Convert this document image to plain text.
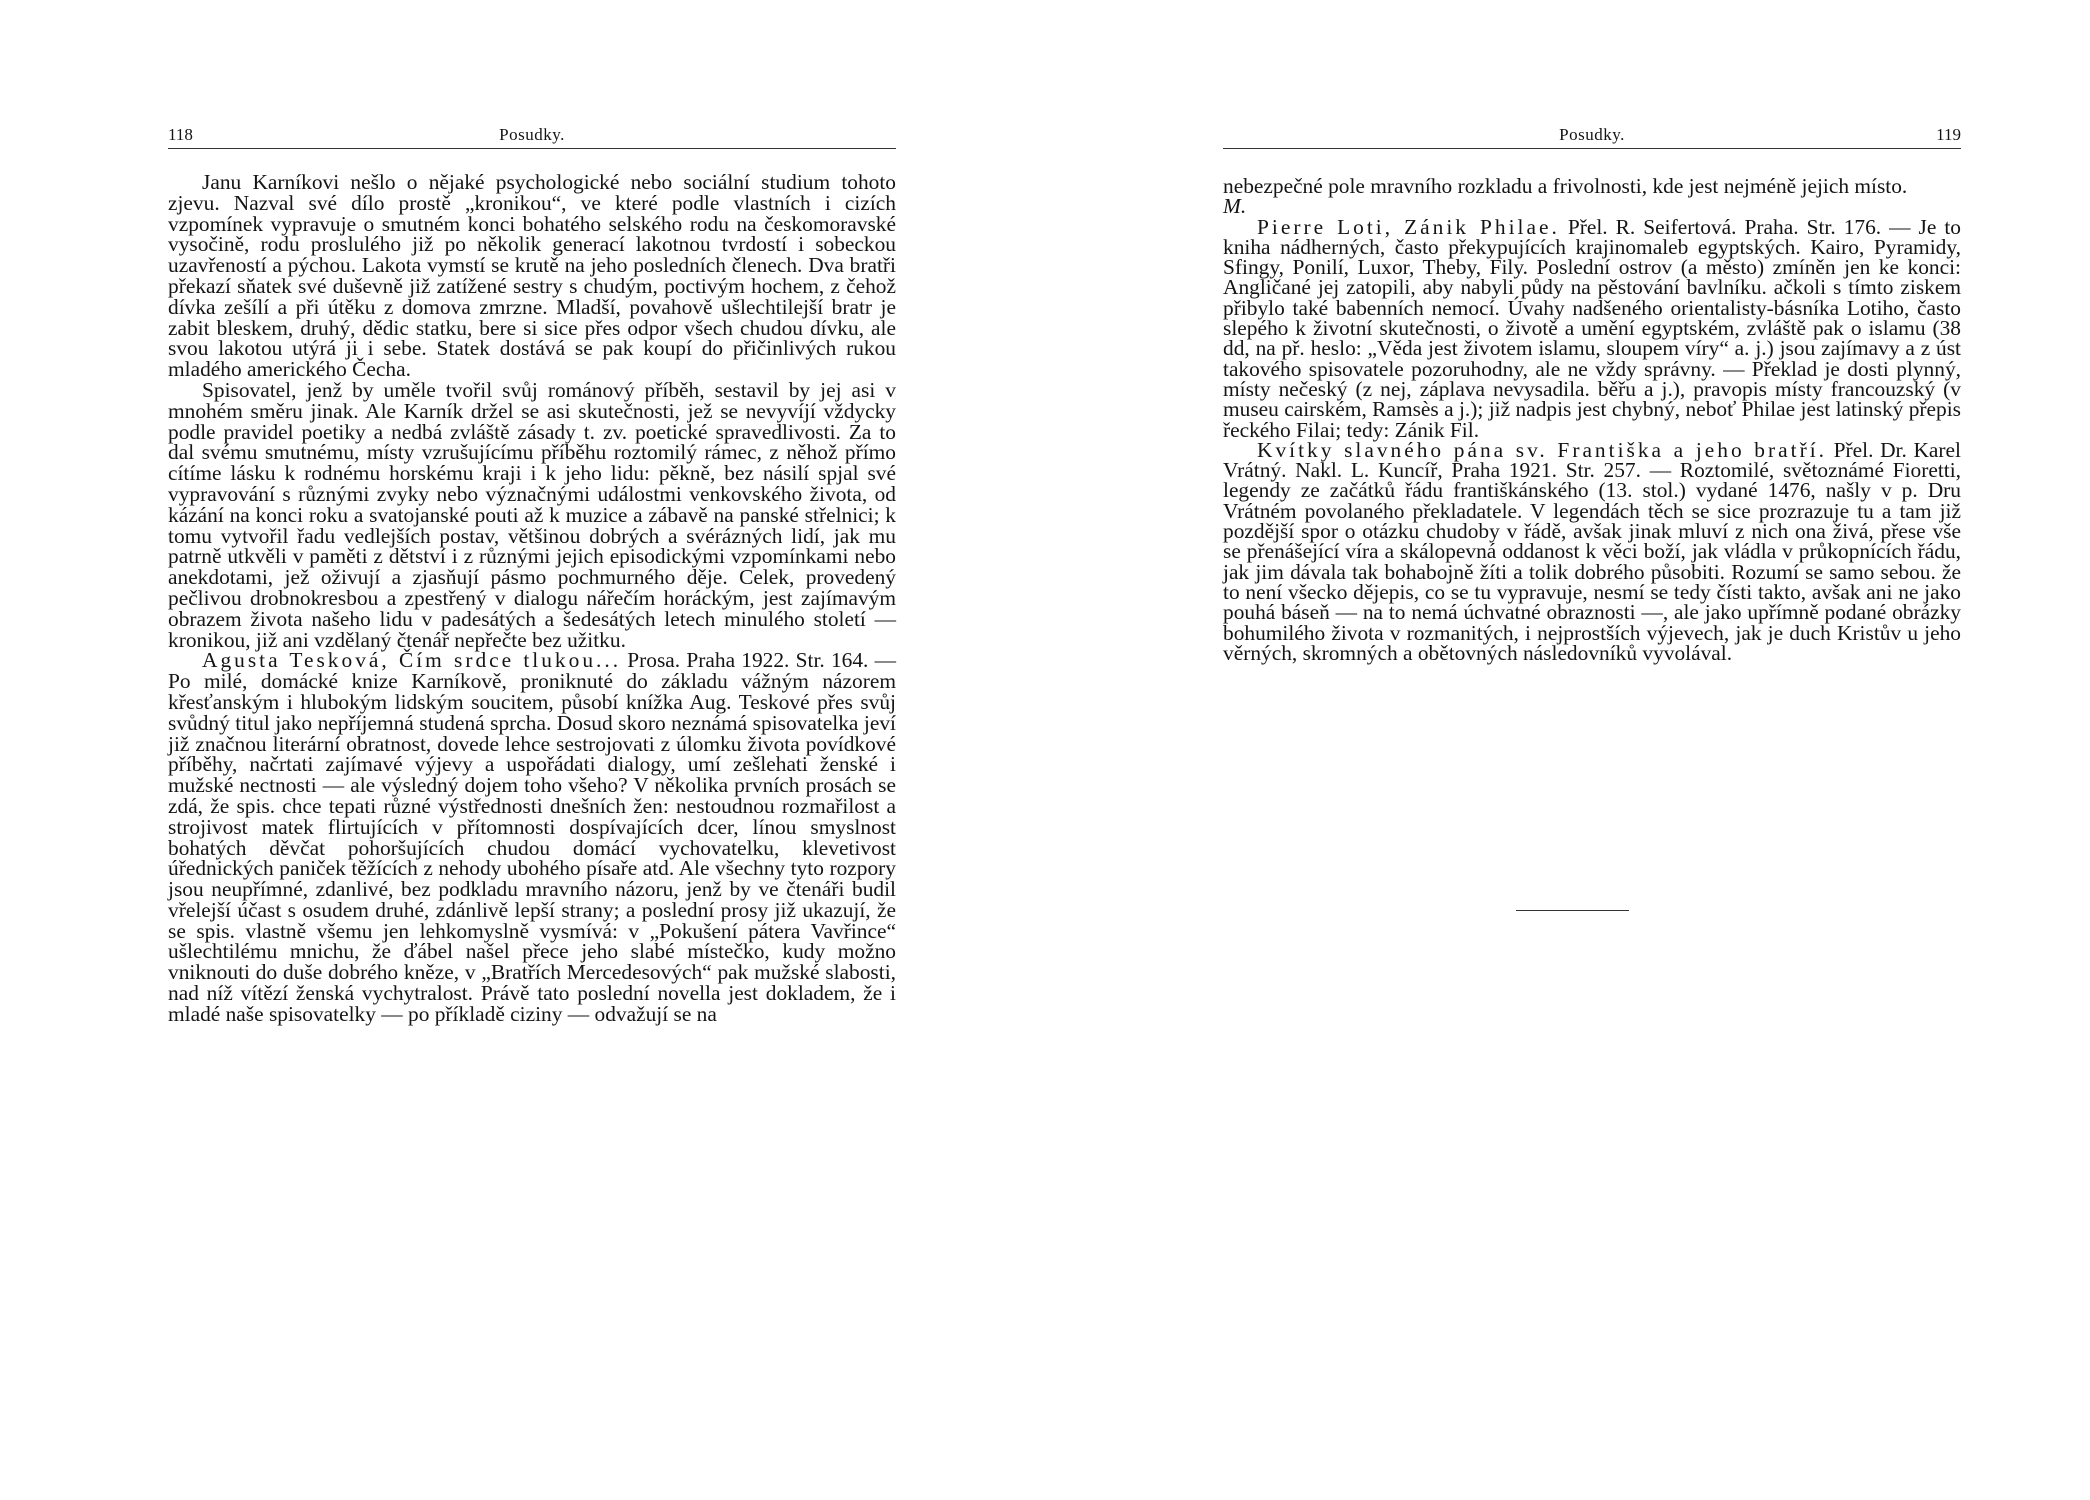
118	Posudky.

Janu Karníkovi nešlo o nějaké psychologické nebo sociální studium tohoto zjevu. Nazval své dílo prostě „kronikou“, ve které podle vlastních i cizích vzpomínek vypravuje o smutném konci bohatého selského rodu na českomoravské vysočině, rodu proslulého již po několik generací lakotnou tvrdostí i sobeckou uzavřeností a pýchou. Lakota vymstí se krutě na jeho posledních členech. Dva bratři překazí sňatek své duševně již zatížené sestry s chudým, poctivým hochem, z čehož dívka zešílí a při útěku z domova zmrzne. Mladší, povahově ušlechtilejší bratr je zabit bleskem, druhý, dědic statku, bere si sice přes odpor všech chudou dívku, ale svou lakotou utýrá ji i sebe. Statek dostává se pak koupí do přičinlivých rukou mladého amerického Čecha.

Spisovatel, jenž by uměle tvořil svůj románový příběh, sestavil by jej asi v mnohém směru jinak. Ale Karník držel se asi skutečnosti, jež se nevyvíjí vždycky podle pravidel poetiky a nedbá zvláště zásady t. zv. poetické spravedlivosti. Za to dal svému smutnému, místy vzrušujícímu příběhu roztomilý rámec, z něhož přímo cítíme lásku k rodnému horskému kraji i k jeho lidu: pěkně, bez násilí spjal své vypravování s různými zvyky nebo význačnými událostmi venkovského života, od kázání na konci roku a svatojanské pouti až k muzice a zábavě na panské střelnici; k tomu vytvořil řadu vedlejších postav, většinou dobrých a svérázných lidí, jak mu patrně utkvěli v paměti z dětství i z různými jejich episodickými vzpomínkami nebo anekdotami, jež oživují a zjasňují pásmo pochmurného děje. Celek, provedený pečlivou drobnokresbou a zpestřený v dialogu nářečím horáckým, jest zajímavým obrazem života našeho lidu v padesátých a šedesátých letech minulého století — kronikou, již ani vzdělaný čtenář nepřečte bez užitku.

Agusta Tesková, Čím srdce tlukou... Prosa. Praha 1922. Str. 164. — Po milé, domácké knize Karníkově, proniknuté do základu vážným názorem křesťanským i hlubokým lidským soucitem, působí knížka Aug. Teskové přes svůj svůdný titul jako nepříjemná studená sprcha. Dosud skoro neznámá spisovatelka jeví již značnou literární obratnost, dovede lehce sestrojovati z úlomku života povídkové příběhy, načrtati zajímavé výjevy a uspořádati dialogy, umí zešlehati ženské i mužské nectnosti — ale výsledný dojem toho všeho? V několika prvních prosách se zdá, že spis. chce tepati různé výstřednosti dnešních žen: nestoudnou rozmařilost a strojivost matek flirtujících v přítomnosti dospívajících dcer, línou smyslnost bohatých děvčat pohoršujících chudou domácí vychovatelku, klevetivost úřednických paniček těžících z nehody ubohého písaře atd. Ale všechny tyto rozpory jsou neupřímné, zdanlivé, bez podkladu mravního názoru, jenž by ve čtenáři budil vřelejší účast s osudem druhé, zdánlivě lepší strany; a poslední prosy již ukazují, že se spis. vlastně všemu jen lehkomyslně vysmívá: v „Pokušení pátera Vavřince“ ušlechtilému mnichu, že ďábel našel přece jeho slabé místečko, kudy možno vniknouti do duše dobrého kněze, v „Bratřích Mercedesových“ pak mužské slabosti, nad níž vítězí ženská vychytralost. Právě tato poslední novella jest dokladem, že i mladé naše spisovatelky — po příkladě ciziny — odvažují se na

Posudky.	119

nebezpečné pole mravního rozkladu a frivolnosti, kde jest nejméně jejich místo.

M.

Pierre Loti, Zánik Philae. Přel. R. Seifertová. Praha. Str. 176. — Je to kniha nádherných, často překypujících krajinomaleb egyptských. Kairo, Pyramidy, Sfingy, Ponilí, Luxor, Theby, Fily. Poslední ostrov (a město) zmíněn jen ke konci: Angličané jej zatopili, aby nabyli půdy na pěstování bavlníku. ačkoli s tímto ziskem přibylo také babenních nemocí. Úvahy nadšeného orientalisty-básníka Lotiho, často slepého k životní skutečnosti, o životě a umění egyptském, zvláště pak o islamu (38 dd, na př. heslo: „Věda jest životem islamu, sloupem víry“ a. j.) jsou zajímavy a z úst takového spisovatele pozoruhodny, ale ne vždy správny. — Překlad je dosti plynný, místy nečeský (z nej, záplava nevysadila. běřu a j.), pravopis místy francouzský (v museu cairském, Ramsès a j.); již nadpis jest chybný, neboť Philae jest latinský přepis řeckého Filai; tedy: Zánik Fil.

Kvítky slavného pána sv. Františka a jeho bratří. Přel. Dr. Karel Vrátný. Nakl. L. Kuncíř, Praha 1921. Str. 257. — Roztomilé, světoznámé Fioretti, legendy ze začátků řádu františkánského (13. stol.) vydané 1476, našly v p. Dru Vrátném povolaného překladatele. V legendách těch se sice prozrazuje tu a tam již pozdější spor o otázku chudoby v řádě, avšak jinak mluví z nich ona živá, přese vše se přenášející víra a skálopevná oddanost k věci boží, jak vládla v průkopnících řádu, jak jim dávala tak bohabojně žíti a tolik dobrého působiti. Rozumí se samo sebou. že to není všecko dějepis, co se tu vypravuje, nesmí se tedy čísti takto, avšak ani ne jako pouhá báseň — na to nemá úchvatné obraznosti —, ale jako upřímně podané obrázky bohumilého života v rozmanitých, i nejprostších výjevech, jak je duch Kristův u jeho věrných, skromných a obětovných následovníků vyvolával.
